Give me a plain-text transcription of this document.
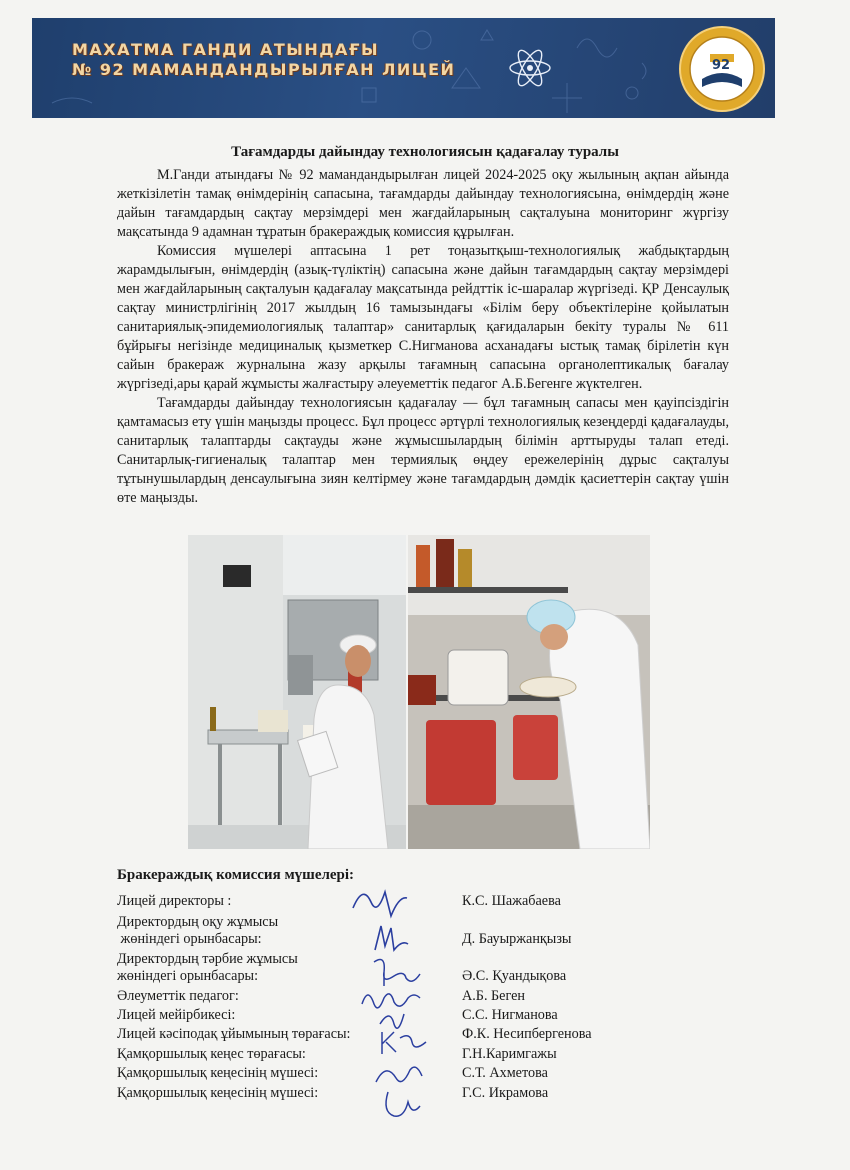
МАХАТМА ГАНДИ АТЫНДАҒЫ
№ 92 МАМАНДАНДЫРЫЛҒАН ЛИЦЕЙ	92
Тағамдарды дайындау технологиясын қадағалау туралы

М.Ганди атындағы № 92 мамандандырылған лицей 2024-2025 оқу жылының ақпан айында жеткізілетін тамақ өнімдерінің сапасына, тағамдарды дайындау технологиясына, өнімдердің және дайын тағамдардың сақтау мерзімдері мен жағдайларының сақталуына мониторинг жүргізу мақсатында 9 адамнан тұратын бракераждық комиссия құрылған.

Комиссия мүшелері аптасына 1 рет тоңазытқыш-технологиялық жабдықтардың жарамдылығын, өнімдердің (азық-түліктің) сапасына және дайын тағамдардың сақтау мерзімдері мен жағдайларының сақталуын қадағалау мақсатында рейдттік іс-шаралар жүргізеді. ҚР Денсаулық сақтау министрлігінің 2017 жылдың 16 тамызындағы «Білім беру объектілеріне қойылатын санитариялық-эпидемиологиялық талаптар» санитарлық қағидаларын бекіту туралы № 611 бұйрығы негізінде медициналық қызметкер С.Нигманова асханадағы ыстық тамақ бірілетін күн сайын бракераж журналына жазу арқылы тағамның сапасына органолептикалық бағалау жүргізеді,ары қарай жұмысты жалғастыру әлеуеметтік педагог А.Б.Бегенге жүктелген.

Тағамдарды дайындау технологиясын қадағалау — бұл тағамның сапасы мен қауіпсіздігін қамтамасыз ету үшін маңызды процесс. Бұл процесс әртүрлі технологиялық кезеңдерді қадағалауды, санитарлық талаптарды сақтауды және жұмысшылардың білімін арттыруды талап етеді. Санитарлық-гигиеналық талаптар мен термиялық өңдеу ережелерінің дұрыс сақталуы тұтынушылардың денсаулығына зиян келтірмеу және тағамдардың дәмдік қасиеттерін сақтау үшін өте маңызды.

Бракераждық комиссия мүшелері:
Лицей директоры :	К.С. Шажабаева
Директордың оқу жұмысы
жөніндегі орынбасары:	Д. Бауыржанқызы
Директордың тәрбие жұмысы
жөніндегі орынбасары:	Ә.С. Қуандықова
Әлеуметтік педагог:	А.Б. Беген
Лицей мейірбикесі:	С.С. Нигманова
Лицей кәсіподақ ұйымының төрағасы:	Ф.К. Несипбергенова
Қамқоршылық кеңес төрағасы:	Г.Н.Каримгажы
Қамқоршылық кеңесінің мүшесі:	С.Т. Ахметова
Қамқоршылық кеңесінің мүшесі:	Г.С. Икрамова
